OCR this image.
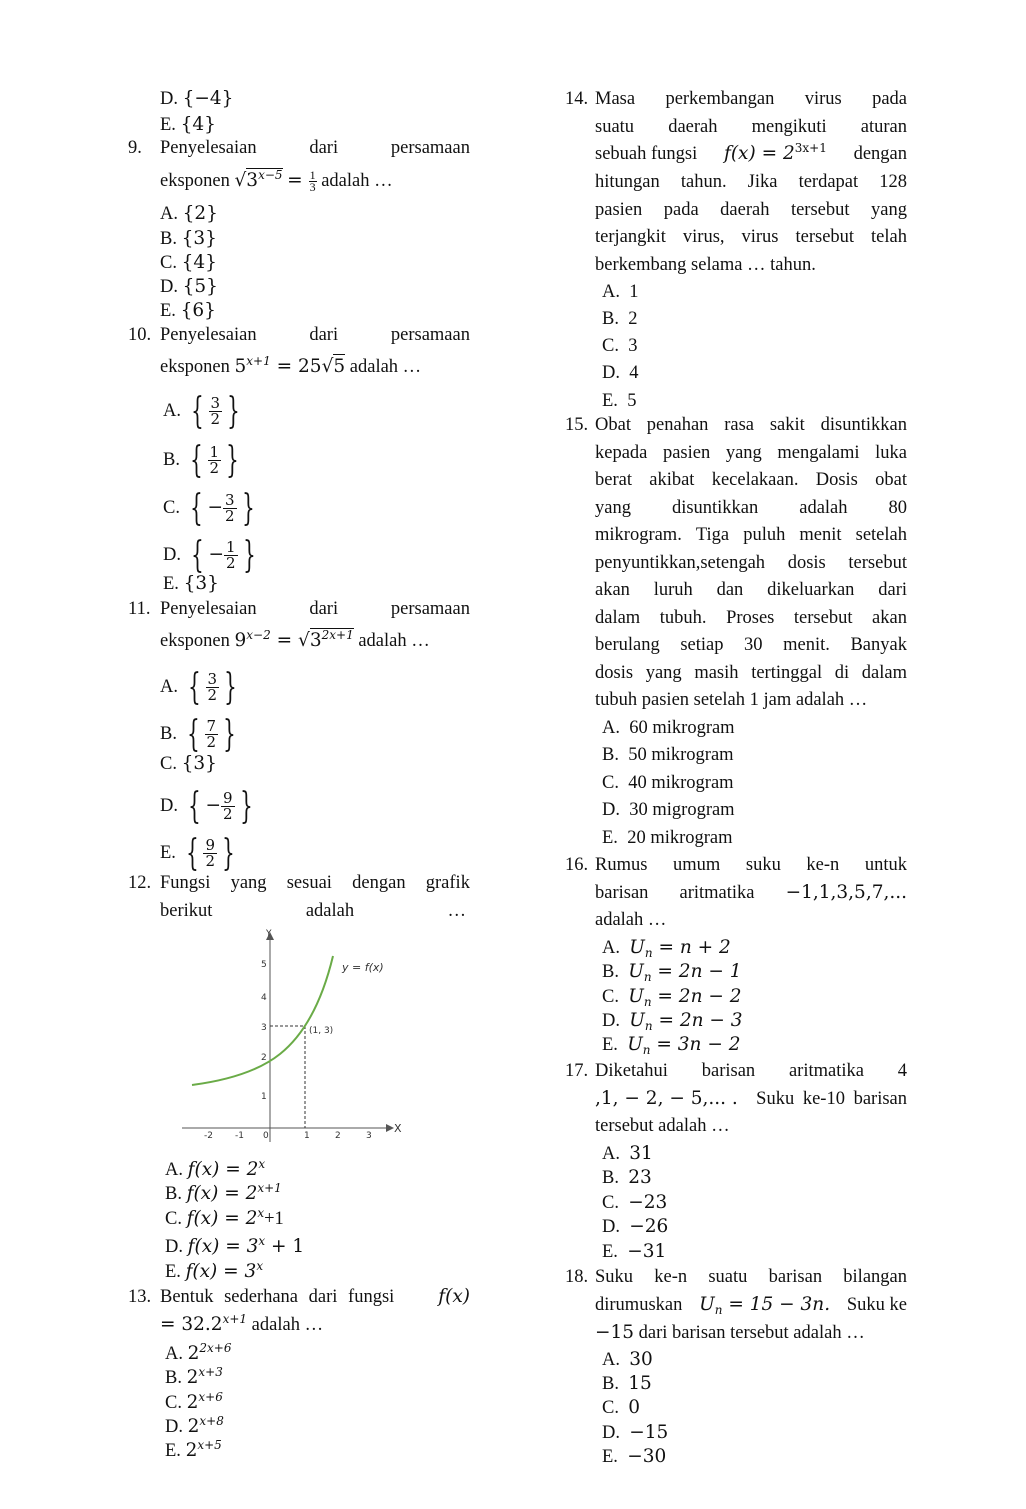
D. {−4}
E. {4}
9. Penyelesaian	dari	persamaan
eksponen $√3^{x-5} = \frac{1}{3}$ adalah …
A. {2}
B. {3}
C. {4}
D. {5}
E. {6}
10. Penyelesaian	dari	persamaan
eksponen $5^{x+1} = 25√5$ adalah …
A. { $\frac{3}{2}$ }
B. { $\frac{1}{2}$ }
C. { − $\frac{3}{2}$ }
D. { − $\frac{1}{2}$ }
E. {3}
11. Penyelesaian	dari	persamaan
eksponen $9^{x-2} = √3^{2x+1}$ adalah …
A. { $\frac{3}{2}$ }
B. { $\frac{7}{2}$ }
C. {3}
D. { − $\frac{9}{2}$ }
E. { $\frac{9}{2}$ }
12. Fungsi yang sesuai dengan grafik
berikut	adalah	…
Y
X
-2 -1 0	1	2	3
1
2
3
4
5
(1, 3)
y = f(x)
A. $f(x) = 2^x$
B. $f(x) = 2^{x+1}$
C. $f(x) = 2^x+1$
D. $f(x) = 3^x + 1$
E. $f(x) = 3^x$
13. Bentuk sederhana dari fungsi f(x)
= $32.2^{x+1}$ adalah …
A. $2^{2x+6}$
B. $2^{x+3}$
C. $2^{x+6}$
D. $2^{x+8}$
E. $2^{x+5}$
14. Masa perkembangan virus pada
suatu daerah mengikuti aturan
sebuah fungsi $f(x) = 2^{3x+1}$ dengan
hitungan tahun. Jika terdapat 128
pasien pada daerah tersebut yang
terjangkit virus, virus tersebut telah
berkembang selama … tahun.
A. 1
B. 2
C. 3
D. 4
E. 5
15. Obat penahan rasa sakit disuntikkan
kepada pasien yang mengalami luka
berat akibat kecelakaan. Dosis obat
yang disuntikkan adalah 80
mikrogram. Tiga puluh menit setelah
penyuntikkan,setengah dosis tersebut
akan luruh dan dikeluarkan dari
dalam tubuh. Proses tersebut akan
berulang setiap 30 menit. Banyak
dosis yang masih tertinggal di dalam
tubuh pasien setelah 1 jam adalah …
A. 60 mikrogram
B. 50 mikrogram
C. 40 mikrogram
D. 30 migrogram
E. 20 mikrogram
16. Rumus umum suku ke-n untuk
barisan aritmatika −1,1,3,5,7,...
adalah …
A. $U_n = n + 2$
B. $U_n = 2n - 1$
C. $U_n = 2n - 2$
D. $U_n = 2n - 3$
E. $U_n = 3n - 2$
17. Diketahui barisan aritmatika 4
,1, − 2, − 5,... . Suku ke-10 barisan
tersebut adalah …
A. 31
B. 23
C. −23
D. −26
E. −31
18. Suku ke-n suatu barisan bilangan
dirumuskan $U_n = 15 - 3n$. Suku ke
−15 dari barisan tersebut adalah …
A. 30
B. 15
C. 0
D. −15
E. −30
